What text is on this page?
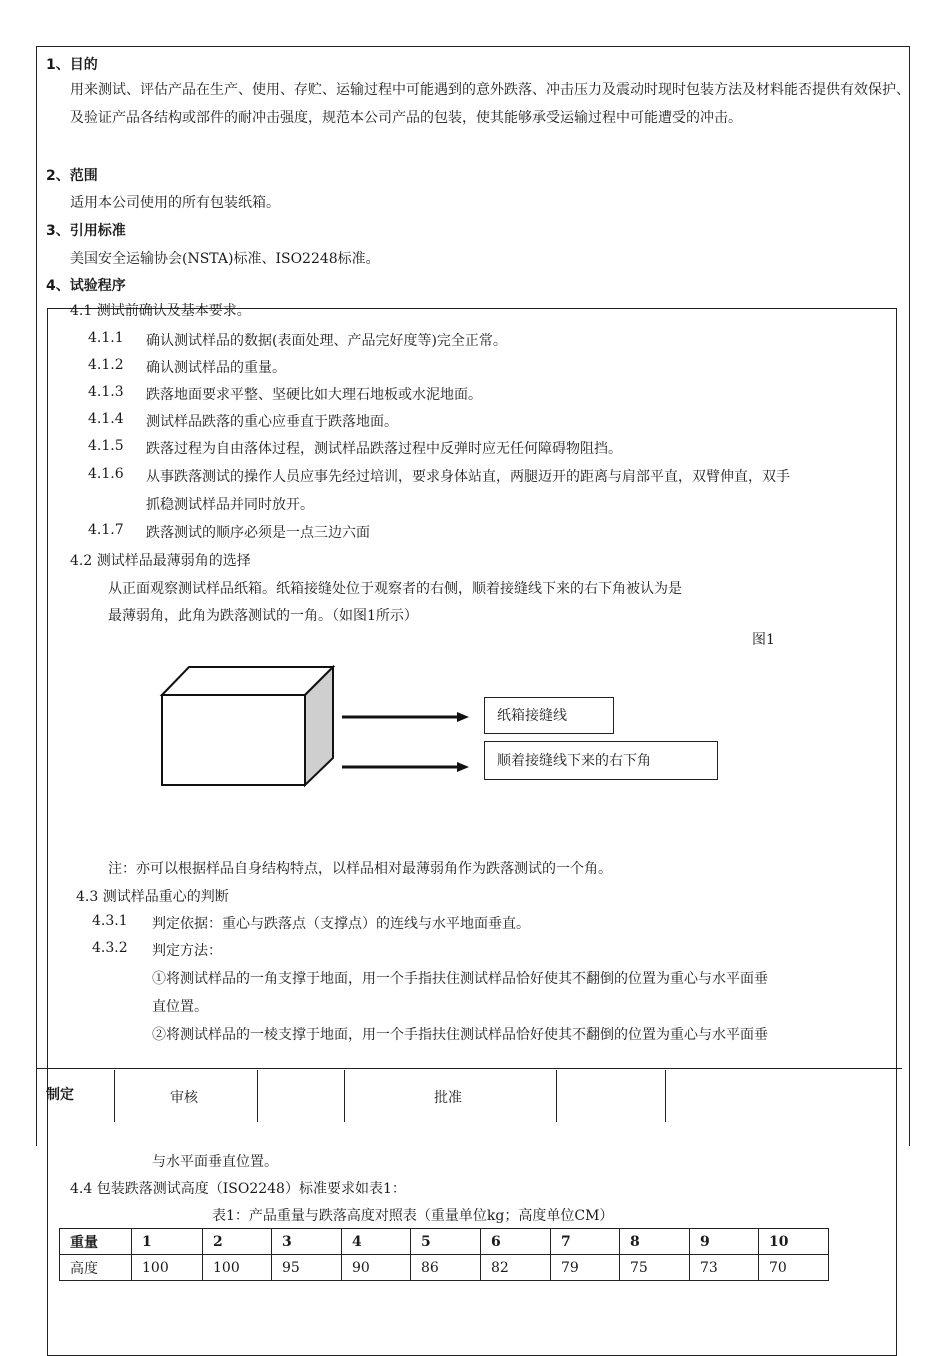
1、目的
用来测试、评估产品在生产、使用、存贮、运输过程中可能遇到的意外跌落、冲击压力及震动时现时包装方法及材料能否提供有效保护、及验证产品各结构或部件的耐冲击强度，规范本公司产品的包装，使其能够承受运输过程中可能遭受的冲击。
2、范围
适用本公司使用的所有包装纸箱。
3、引用标准
美国安全运输协会(NSTA)标准、ISO2248标准。
4、试验程序
4.1 测试前确认及基本要求。
4.1.1 确认测试样品的数据(表面处理、产品完好度等)完全正常。
4.1.2 确认测试样品的重量。
4.1.3 跌落地面要求平整、坚硬比如大理石地板或水泥地面。
4.1.4 测试样品跌落的重心应垂直于跌落地面。
4.1.5 跌落过程为自由落体过程，测试样品跌落过程中反弹时应无任何障碍物阻挡。
4.1.6 从事跌落测试的操作人员应事先经过培训，要求身体站直，两腿迈开的距离与肩部平直，双臂伸直，双手
抓稳测试样品并同时放开。
4.1.7 跌落测试的顺序必须是一点三边六面
4.2 测试样品最薄弱角的选择
从正面观察测试样品纸箱。纸箱接缝处位于观察者的右侧，顺着接缝线下来的右下角被认为是
最薄弱角，此角为跌落测试的一角。（如图1所示）
图1
纸箱接缝线
顺着接缝线下来的右下角
注：亦可以根据样品自身结构特点，以样品相对最薄弱角作为跌落测试的一个角。
4.3 测试样品重心的判断
4.3.1 判定依据：重心与跌落点（支撑点）的连线与水平地面垂直。
4.3.2 判定方法：
①将测试样品的一角支撑于地面，用一个手指扶住测试样品恰好使其不翻倒的位置为重心与水平面垂
直位置。
②将测试样品的一棱支撑于地面，用一个手指扶住测试样品恰好使其不翻倒的位置为重心与水平面垂
制定	审核	批准
与水平面垂直位置。
4.4 包装跌落测试高度（ISO2248）标准要求如表1：
表1：产品重量与跌落高度对照表（重量单位kg；高度单位CM）
重量	1	2	3	4	5	6	7	8	9	10
高度	100	100	95	90	86	82	79	75	73	70
